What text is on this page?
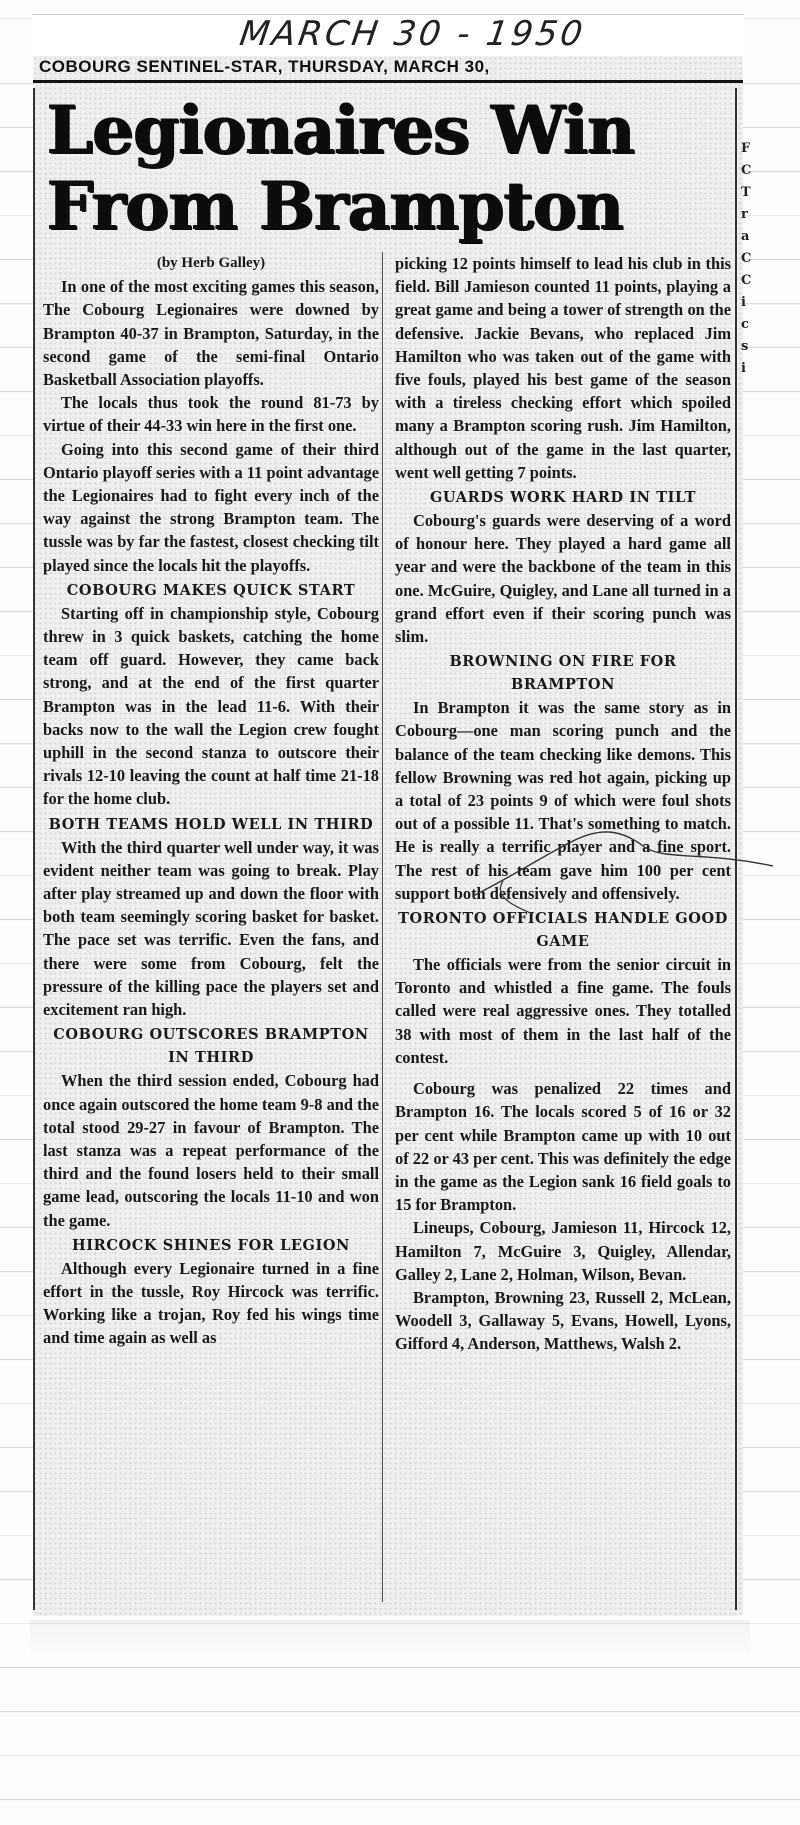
MARCH 30 - 1950
COBOURG SENTINEL-STAR, THURSDAY, MARCH 30,
Legionaires Win
From Brampton
F
C
T
r
a
C
C
i
c
s
i

(by Herb Galley)

In one of the most exciting games this season, The Cobourg Legionaires were downed by Brampton 40-37 in Brampton, Saturday, in the second game of the semi-final Ontario Basketball Association playoffs.

The locals thus took the round 81-73 by virtue of their 44-33 win here in the first one.

Going into this second game of their third Ontario playoff series with a 11 point advantage the Legionaires had to fight every inch of the way against the strong Brampton team. The tussle was by far the fastest, closest checking tilt played since the locals hit the playoffs.

COBOURG MAKES QUICK START

Starting off in championship style, Cobourg threw in 3 quick baskets, catching the home team off guard. However, they came back strong, and at the end of the first quarter Brampton was in the lead 11-6. With their backs now to the wall the Legion crew fought uphill in the second stanza to outscore their rivals 12-10 leaving the count at half time 21-18 for the home club.

BOTH TEAMS HOLD WELL IN THIRD

With the third quarter well under way, it was evident neither team was going to break. Play after play streamed up and down the floor with both team seemingly scoring basket for basket. The pace set was terrific. Even the fans, and there were some from Cobourg, felt the pressure of the killing pace the players set and excitement ran high.

COBOURG OUTSCORES BRAMPTON IN THIRD

When the third session ended, Cobourg had once again outscored the home team 9-8 and the total stood 29-27 in favour of Brampton. The last stanza was a repeat performance of the third and the found losers held to their small game lead, outscoring the locals 11-10 and won the game.

HIRCOCK SHINES FOR LEGION

Although every Legionaire turned in a fine effort in the tussle, Roy Hircock was terrific. Working like a trojan, Roy fed his wings time and time again as well as

picking 12 points himself to lead his club in this field. Bill Jamieson counted 11 points, playing a great game and being a tower of strength on the defensive. Jackie Bevans, who replaced Jim Hamilton who was taken out of the game with five fouls, played his best game of the season with a tireless checking effort which spoiled many a Brampton scoring rush. Jim Hamilton, although out of the game in the last quarter, went well getting 7 points.

GUARDS WORK HARD IN TILT

Cobourg's guards were deserving of a word of honour here. They played a hard game all year and were the backbone of the team in this one. McGuire, Quigley, and Lane all turned in a grand effort even if their scoring punch was slim.

BROWNING ON FIRE FOR BRAMPTON

In Brampton it was the same story as in Cobourg—one man scoring punch and the balance of the team checking like demons. This fellow Browning was red hot again, picking up a total of 23 points 9 of which were foul shots out of a possible 11. That's something to match. He is really a terrific player and a fine sport. The rest of his team gave him 100 per cent support both defensively and offensively.

TORONTO OFFICIALS HANDLE GOOD GAME

The officials were from the senior circuit in Toronto and whistled a fine game. The fouls called were real aggressive ones. They totalled 38 with most of them in the last half of the contest.

Cobourg was penalized 22 times and Brampton 16. The locals scored 5 of 16 or 32 per cent while Brampton came up with 10 out of 22 or 43 per cent. This was definitely the edge in the game as the Legion sank 16 field goals to 15 for Brampton.

Lineups, Cobourg, Jamieson 11, Hircock 12, Hamilton 7, McGuire 3, Quigley, Allendar, Galley 2, Lane 2, Holman, Wilson, Bevan.

Brampton, Browning 23, Russell 2, McLean, Woodell 3, Gallaway 5, Evans, Howell, Lyons, Gifford 4, Anderson, Matthews, Walsh 2.
